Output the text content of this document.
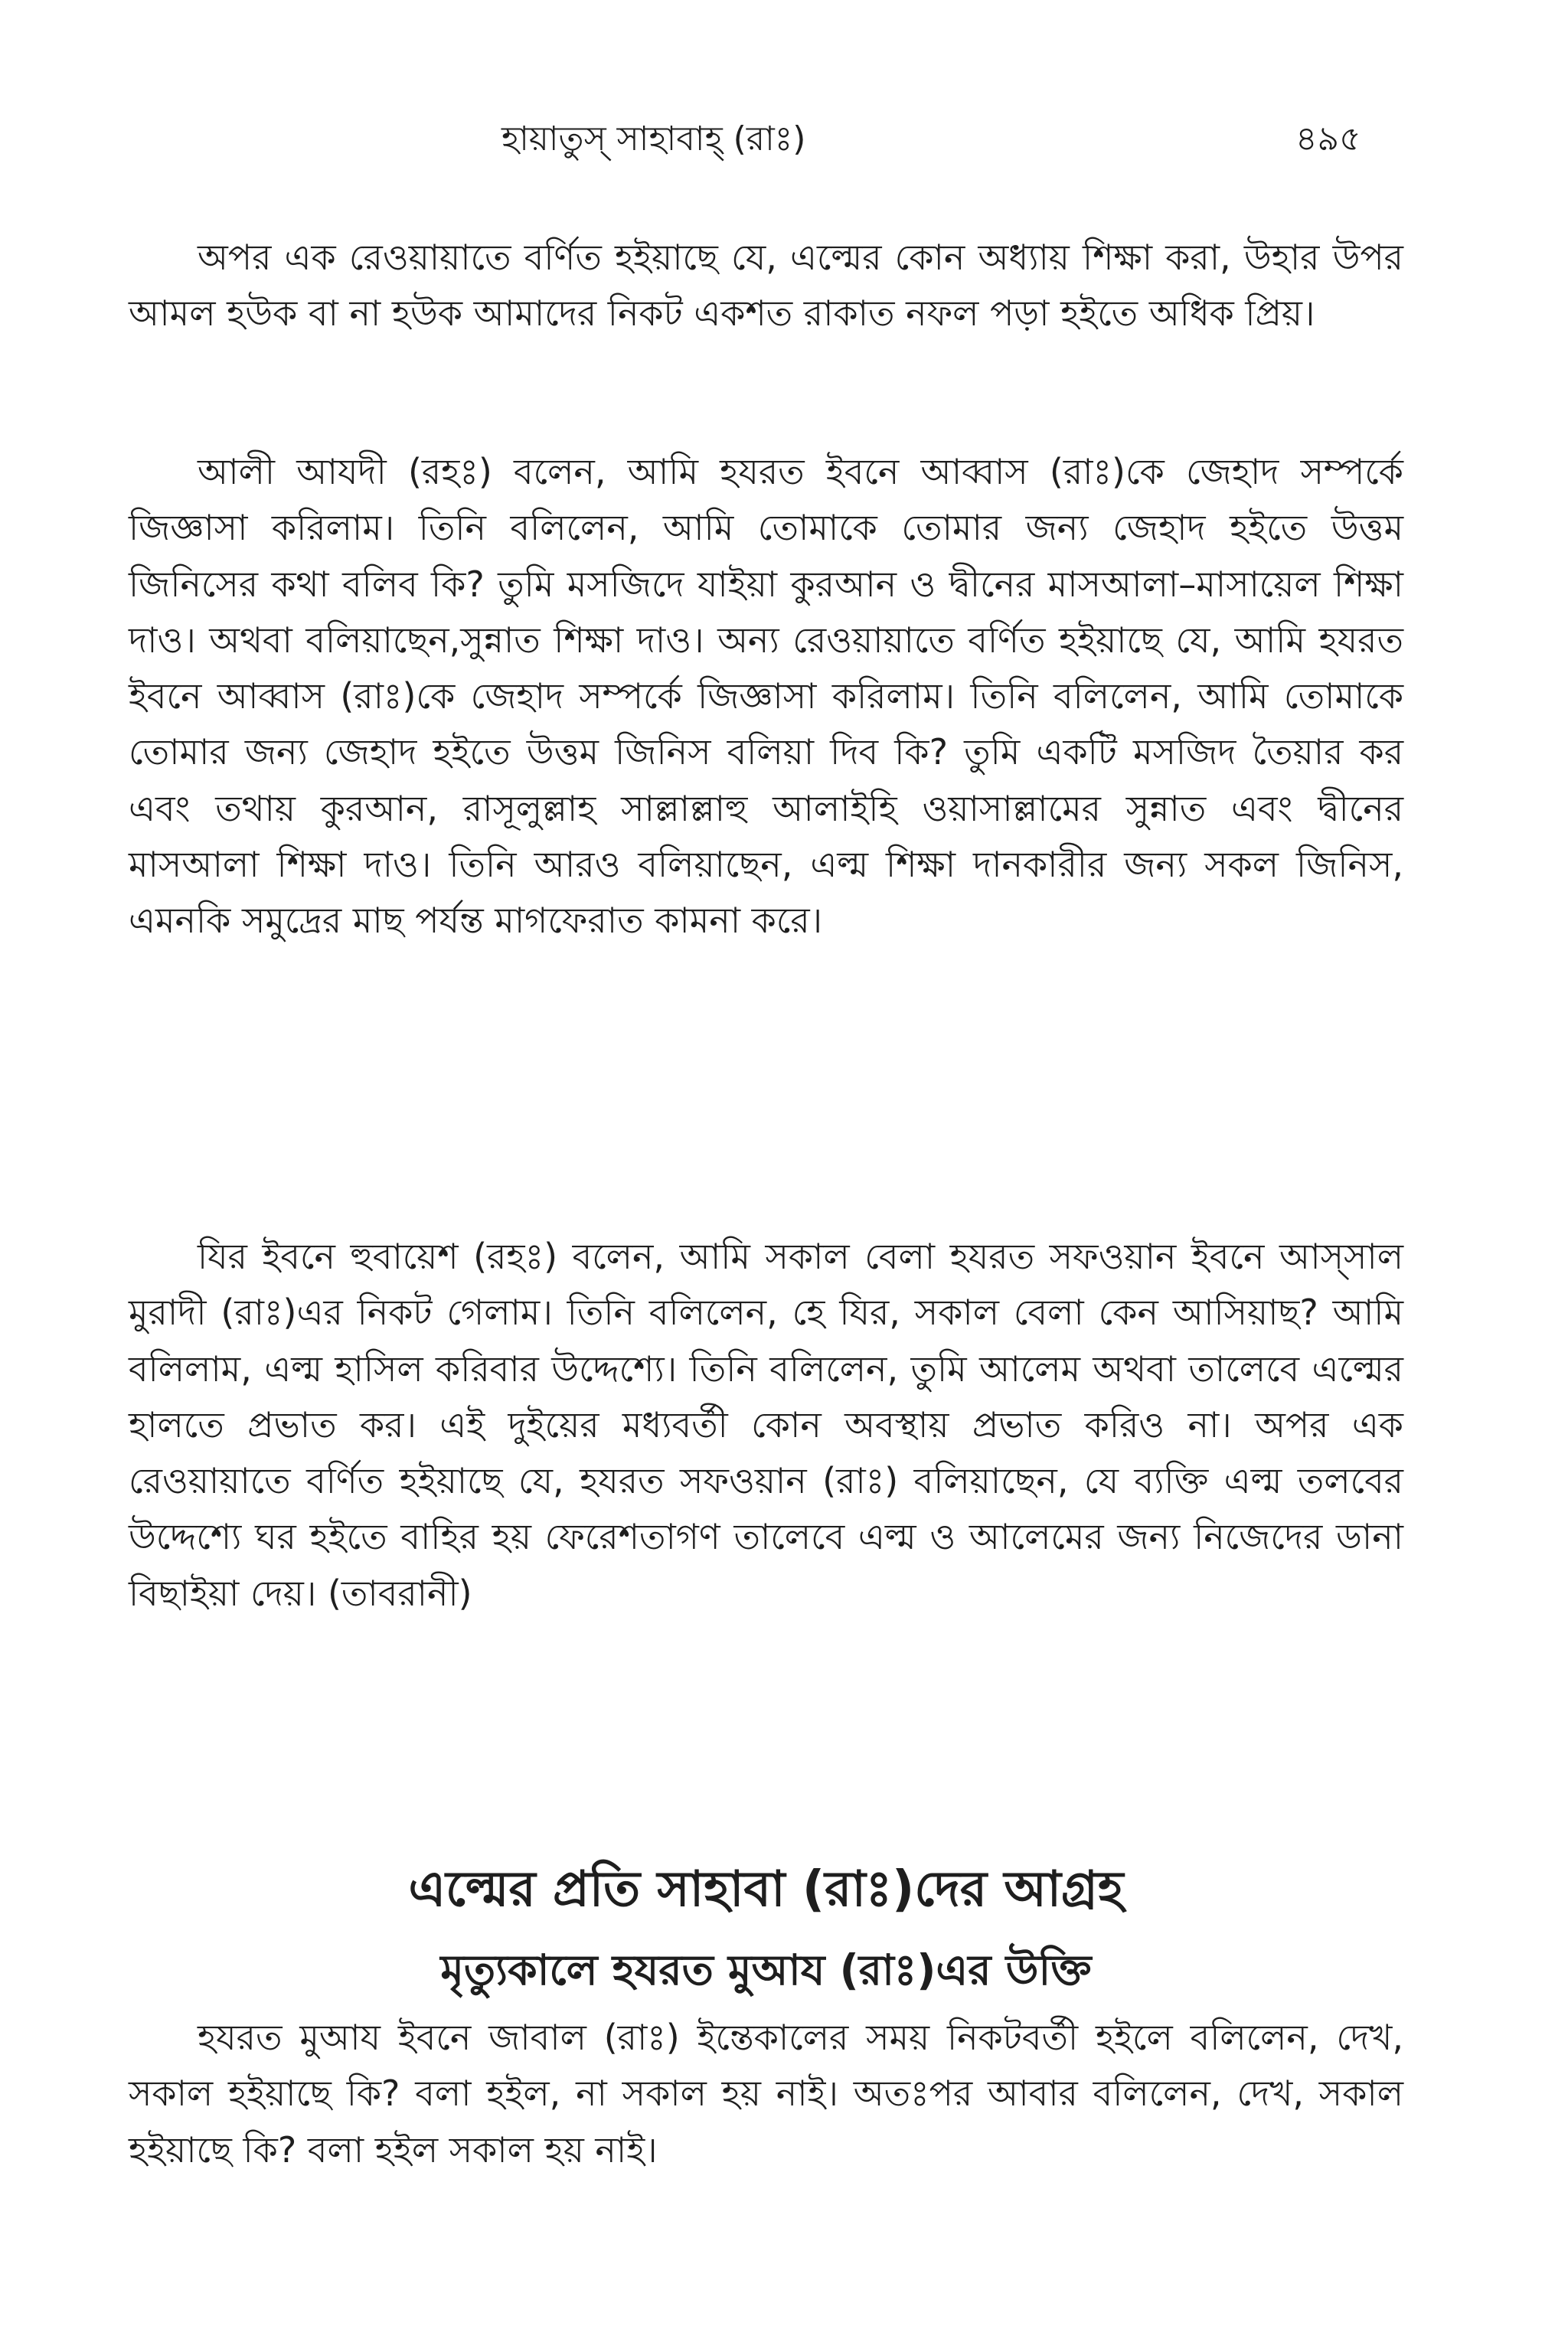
হায়াতুস্ সাহাবাহ্ (রাঃ)	৪৯৫

অপর এক রেওয়ায়াতে বর্ণিত হইয়াছে যে, এল্মের কোন অধ্যায় শিক্ষা করা, উহার উপর আমল হউক বা না হউক আমাদের নিকট একশত রাকাত নফল পড়া হইতে অধিক প্রিয়।

আলী আযদী (রহঃ) বলেন, আমি হযরত ইবনে আব্বাস (রাঃ)কে জেহাদ সম্পর্কে জিজ্ঞাসা করিলাম। তিনি বলিলেন, আমি তোমাকে তোমার জন্য জেহাদ হইতে উত্তম জিনিসের কথা বলিব কি? তুমি মসজিদে যাইয়া কুরআন ও দ্বীনের মাসআলা–মাসায়েল শিক্ষা দাও। অথবা বলিয়াছেন,সুন্নাত শিক্ষা দাও। অন্য রেওয়ায়াতে বর্ণিত হইয়াছে যে, আমি হযরত ইবনে আব্বাস (রাঃ)কে জেহাদ সম্পর্কে জিজ্ঞাসা করিলাম। তিনি বলিলেন, আমি তোমাকে তোমার জন্য জেহাদ হইতে উত্তম জিনিস বলিয়া দিব কি? তুমি একটি মসজিদ তৈয়ার কর এবং তথায় কুরআন, রাসূলুল্লাহ সাল্লাল্লাহু আলাইহি ওয়াসাল্লামের সুন্নাত এবং দ্বীনের মাসআলা শিক্ষা দাও। তিনি আরও বলিয়াছেন, এল্ম শিক্ষা দানকারীর জন্য সকল জিনিস, এমনকি সমুদ্রের মাছ পর্যন্ত মাগফেরাত কামনা করে।

যির ইবনে হুবায়েশ (রহঃ) বলেন, আমি সকাল বেলা হযরত সফওয়ান ইবনে আস্সাল মুরাদী (রাঃ)এর নিকট গেলাম। তিনি বলিলেন, হে যির, সকাল বেলা কেন আসিয়াছ? আমি বলিলাম, এল্ম হাসিল করিবার উদ্দেশ্যে। তিনি বলিলেন, তুমি আলেম অথবা তালেবে এল্মের হালতে প্রভাত কর। এই দুইয়ের মধ্যবর্তী কোন অবস্থায় প্রভাত করিও না। অপর এক রেওয়ায়াতে বর্ণিত হইয়াছে যে, হযরত সফওয়ান (রাঃ) বলিয়াছেন, যে ব্যক্তি এল্ম তলবের উদ্দেশ্যে ঘর হইতে বাহির হয় ফেরেশতাগণ তালেবে এল্ম ও আলেমের জন্য নিজেদের ডানা বিছাইয়া দেয়। (তাবরানী)

এল্মের প্রতি সাহাবা (রাঃ)দের আগ্রহ
মৃত্যুকালে হযরত মুআয (রাঃ)এর উক্তি

হযরত মুআয ইবনে জাবাল (রাঃ) ইন্তেকালের সময় নিকটবর্তী হইলে বলিলেন, দেখ, সকাল হইয়াছে কি? বলা হইল, না সকাল হয় নাই। অতঃপর আবার বলিলেন, দেখ, সকাল হইয়াছে কি? বলা হইল সকাল হয় নাই।
